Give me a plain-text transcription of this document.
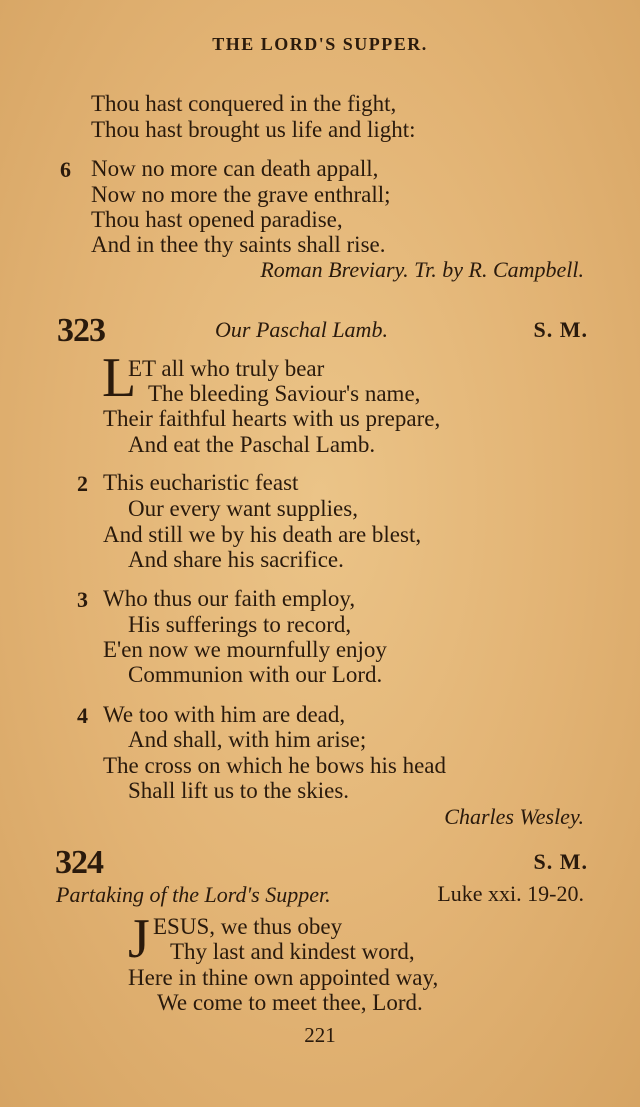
THE LORD'S SUPPER.
Thou hast conquered in the fight,
Thou hast brought us life and light:
6 Now no more can death appall,
Now no more the grave enthrall;
Thou hast opened paradise,
And in thee thy saints shall rise.
Roman Breviary. Tr. by R. Campbell.
323	Our Paschal Lamb.	S. M.
L
ET all who truly bear
The bleeding Saviour's name,
Their faithful hearts with us prepare,
And eat the Paschal Lamb.
2 This eucharistic feast
Our every want supplies,
And still we by his death are blest,
And share his sacrifice.
3 Who thus our faith employ,
His sufferings to record,
E'en now we mournfully enjoy
Communion with our Lord.
4 We too with him are dead,
And shall, with him arise;
The cross on which he bows his head
Shall lift us to the skies.
Charles Wesley.
324	S. M.
Partaking of the Lord's Supper.	Luke xxi. 19-20.
J ESUS, we thus obey
Thy last and kindest word,
Here in thine own appointed way,
We come to meet thee, Lord.
221
